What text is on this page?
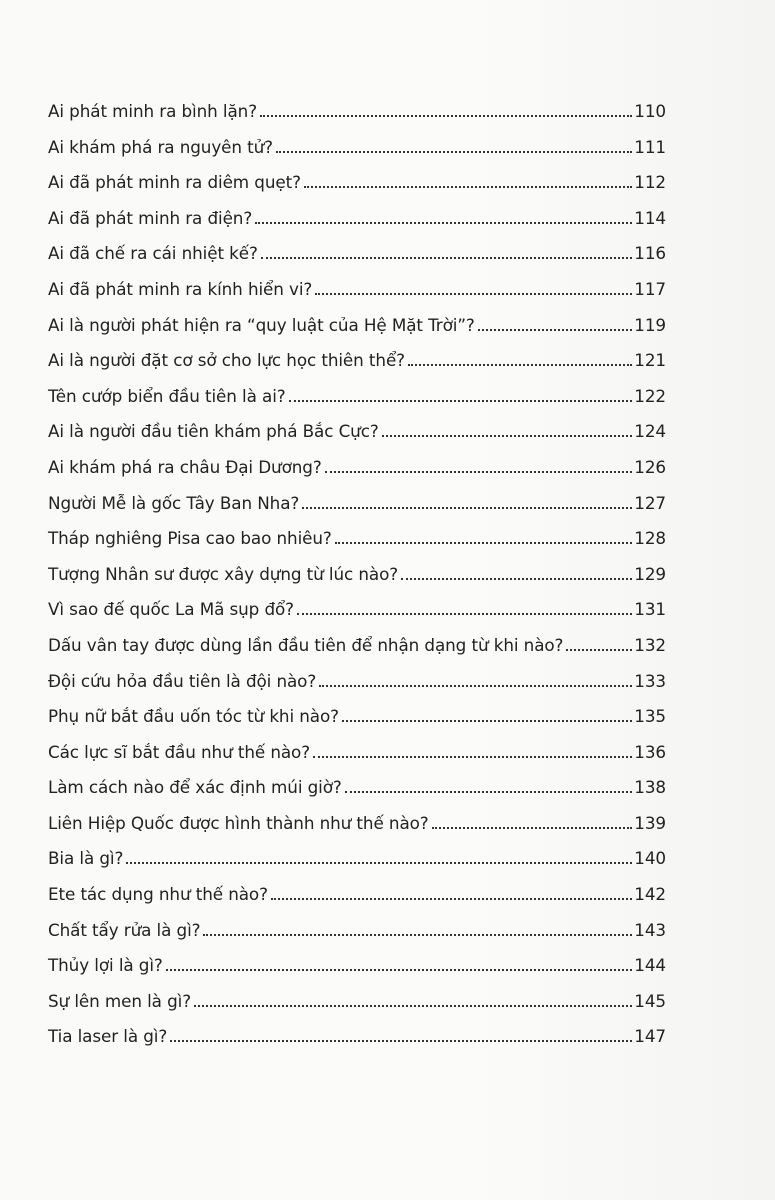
Ai phát minh ra bình lặn?	110
Ai khám phá ra nguyên tử?	111
Ai đã phát minh ra diêm quẹt?	112
Ai đã phát minh ra điện?	114
Ai đã chế ra cái nhiệt kế?	116
Ai đã phát minh ra kính hiển vi?	117
Ai là người phát hiện ra “quy luật của Hệ Mặt Trời”?	119
Ai là người đặt cơ sở cho lực học thiên thể?	121
Tên cướp biển đầu tiên là ai?	122
Ai là người đầu tiên khám phá Bắc Cực?	124
Ai khám phá ra châu Đại Dương?	126
Người Mễ là gốc Tây Ban Nha?	127
Tháp nghiêng Pisa cao bao nhiêu?	128
Tượng Nhân sư được xây dựng từ lúc nào?	129
Vì sao đế quốc La Mã sụp đổ?	131
Dấu vân tay được dùng lần đầu tiên để nhận dạng từ khi nào?	132
Đội cứu hỏa đầu tiên là đội nào?	133
Phụ nữ bắt đầu uốn tóc từ khi nào?	135
Các lực sĩ bắt đầu như thế nào?	136
Làm cách nào để xác định múi giờ?	138
Liên Hiệp Quốc được hình thành như thế nào?	139
Bia là gì?	140
Ete tác dụng như thế nào?	142
Chất tẩy rửa là gì?	143
Thủy lợi là gì?	144
Sự lên men là gì?	145
Tia laser là gì?	147
